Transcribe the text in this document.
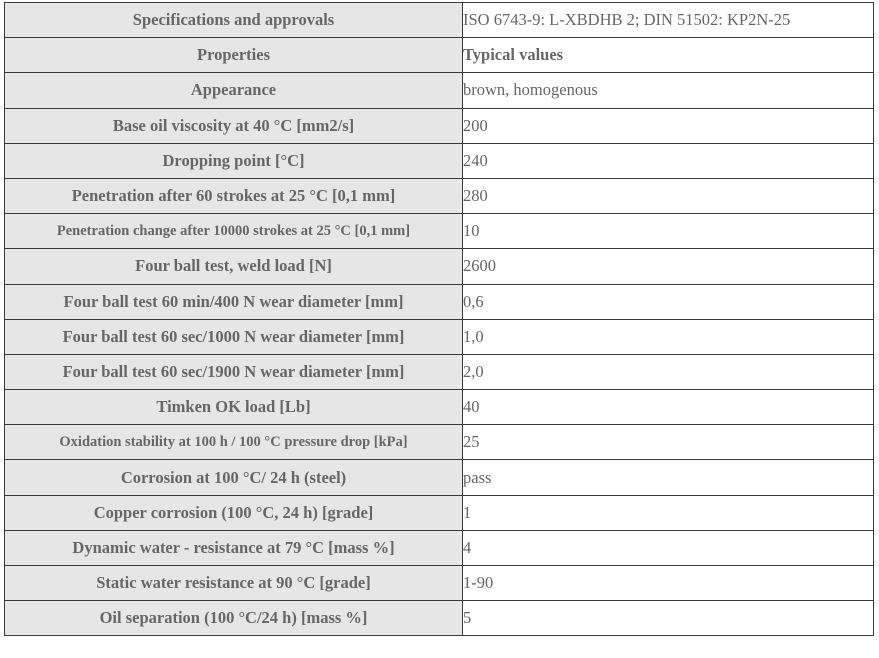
Specifications and approvals	ISO 6743-9: L-XBDHB 2; DIN 51502: KP2N-25
Properties	Typical values
Appearance	brown, homogenous
Base oil viscosity at 40 °C [mm2/s]	200
Dropping point [°C]	240
Penetration after 60 strokes at 25 °C [0,1 mm]	280
Penetration change after 10000 strokes at 25 °C [0,1 mm]	10
Four ball test, weld load [N]	2600
Four ball test 60 min/400 N wear diameter [mm]	0,6
Four ball test 60 sec/1000 N wear diameter [mm]	1,0
Four ball test 60 sec/1900 N wear diameter [mm]	2,0
Timken OK load [Lb]	40
Oxidation stability at 100 h / 100 °C pressure drop [kPa]	25
Corrosion at 100 °C/ 24 h (steel)	pass
Copper corrosion (100 °C, 24 h) [grade]	1
Dynamic water - resistance at 79 °C [mass %]	4
Static water resistance at 90 °C [grade]	1-90
Oil separation (100 °C/24 h) [mass %]	5
